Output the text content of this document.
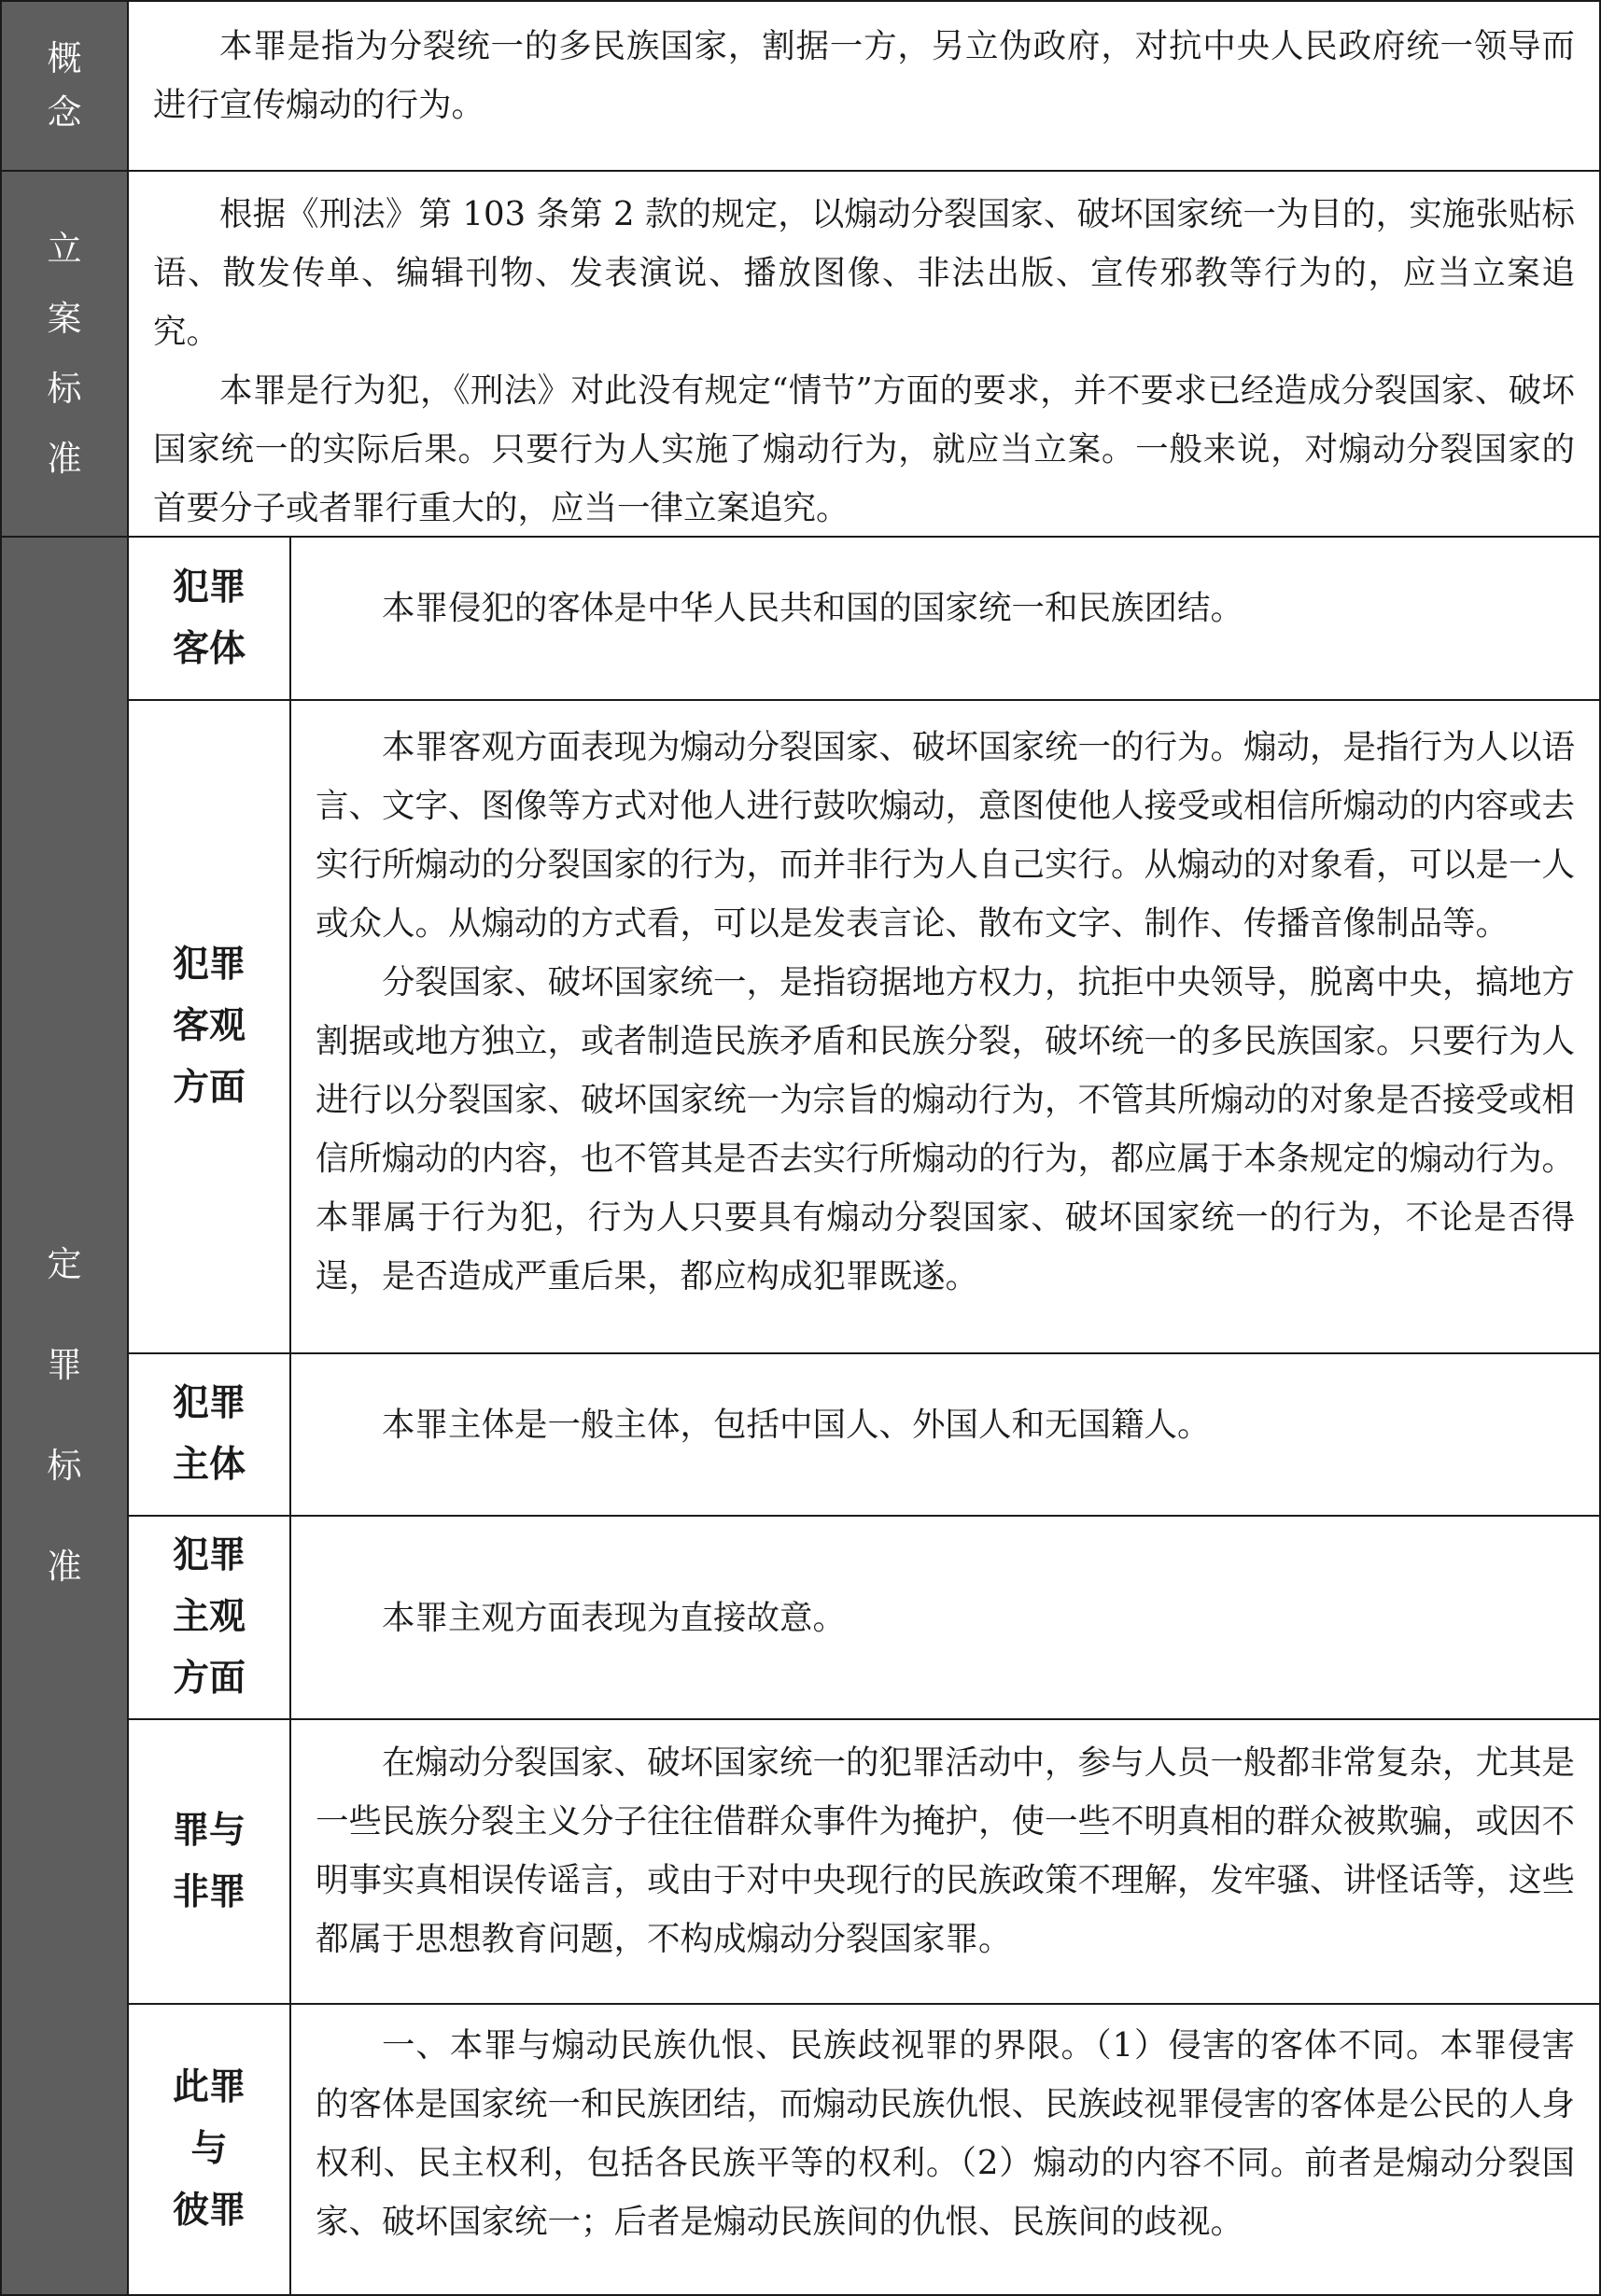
概
念

本罪是指为分裂统一的多民族国家，割据一方，另立伪政府，对抗中央人民政府统一领导而进行宣传煽动的行为。

立
案
标
准

根据《刑法》第 103 条第 2 款的规定，以煽动分裂国家、破坏国家统一为目的，实施张贴标语、散发传单、编辑刊物、发表演说、播放图像、非法出版、宣传邪教等行为的，应当立案追究。

本罪是行为犯，《刑法》对此没有规定“情节”方面的要求，并不要求已经造成分裂国家、破坏国家统一的实际后果。只要行为人实施了煽动行为，就应当立案。一般来说，对煽动分裂国家的首要分子或者罪行重大的，应当一律立案追究。

定
罪
标
准
犯罪
客体

本罪侵犯的客体是中华人民共和国的国家统一和民族团结。

犯罪
客观
方面

本罪客观方面表现为煽动分裂国家、破坏国家统一的行为。煽动，是指行为人以语言、文字、图像等方式对他人进行鼓吹煽动，意图使他人接受或相信所煽动的内容或去实行所煽动的分裂国家的行为，而并非行为人自己实行。从煽动的对象看，可以是一人或众人。从煽动的方式看，可以是发表言论、散布文字、制作、传播音像制品等。

分裂国家、破坏国家统一，是指窃据地方权力，抗拒中央领导，脱离中央，搞地方割据或地方独立，或者制造民族矛盾和民族分裂，破坏统一的多民族国家。只要行为人进行以分裂国家、破坏国家统一为宗旨的煽动行为，不管其所煽动的对象是否接受或相信所煽动的内容，也不管其是否去实行所煽动的行为，都应属于本条规定的煽动行为。本罪属于行为犯，行为人只要具有煽动分裂国家、破坏国家统一的行为，不论是否得逞，是否造成严重后果，都应构成犯罪既遂。

犯罪
主体

本罪主体是一般主体，包括中国人、外国人和无国籍人。

犯罪
主观
方面

本罪主观方面表现为直接故意。

罪与
非罪

在煽动分裂国家、破坏国家统一的犯罪活动中，参与人员一般都非常复杂，尤其是一些民族分裂主义分子往往借群众事件为掩护，使一些不明真相的群众被欺骗，或因不明事实真相误传谣言，或由于对中央现行的民族政策不理解，发牢骚、讲怪话等，这些都属于思想教育问题，不构成煽动分裂国家罪。

此罪
与
彼罪

一、本罪与煽动民族仇恨、民族歧视罪的界限。（1）侵害的客体不同。本罪侵害的客体是国家统一和民族团结，而煽动民族仇恨、民族歧视罪侵害的客体是公民的人身权利、民主权利，包括各民族平等的权利。（2）煽动的内容不同。前者是煽动分裂国家、破坏国家统一；后者是煽动民族间的仇恨、民族间的歧视。
